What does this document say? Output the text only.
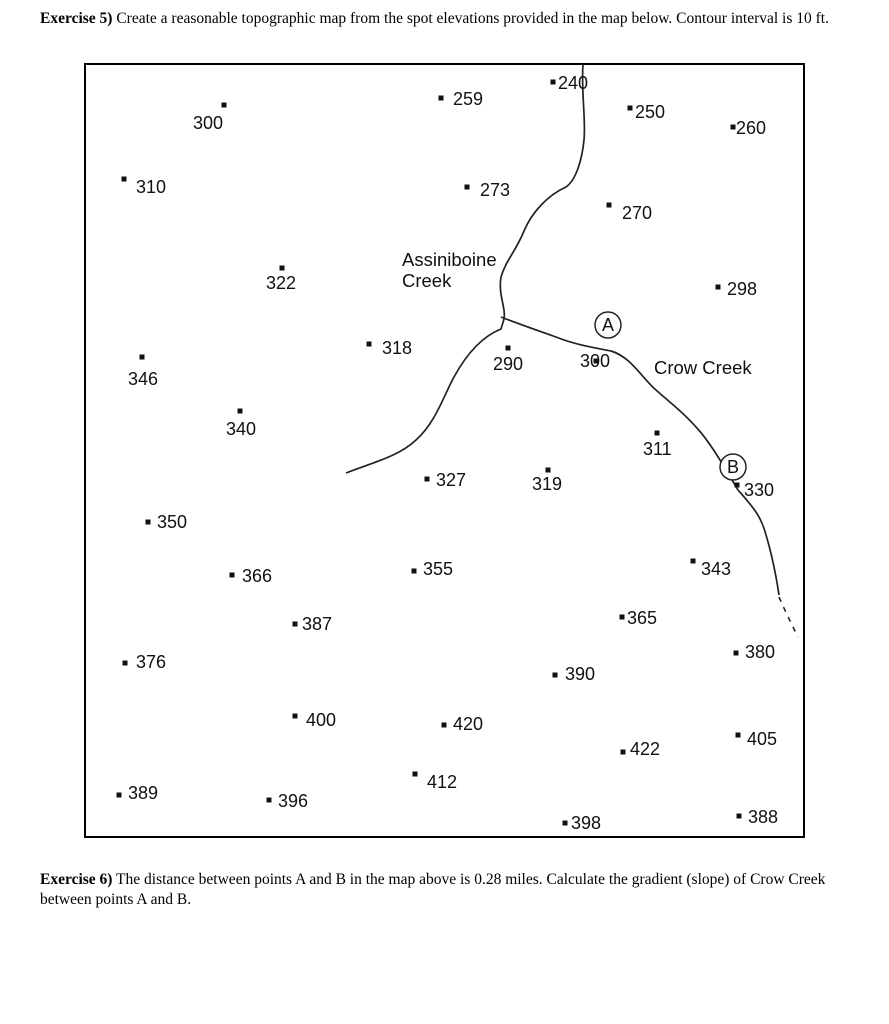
Exercise 5) Create a reasonable topographic map from the spot elevations provided in the map below. Contour interval is 10 ft.
259
240
250
260
300
310	273
270
322	298
318
290	300
346
340
311
327	319	330
350
366	355	343
387	365
376	380
390
400	420
405
422
389	396
412
398	388
Assiniboine
Creek
Crow Creek
A
B
Exercise 6) The distance between points A and B in the map above is 0.28 miles. Calculate the gradient (slope) of Crow Creek between points A and B.
